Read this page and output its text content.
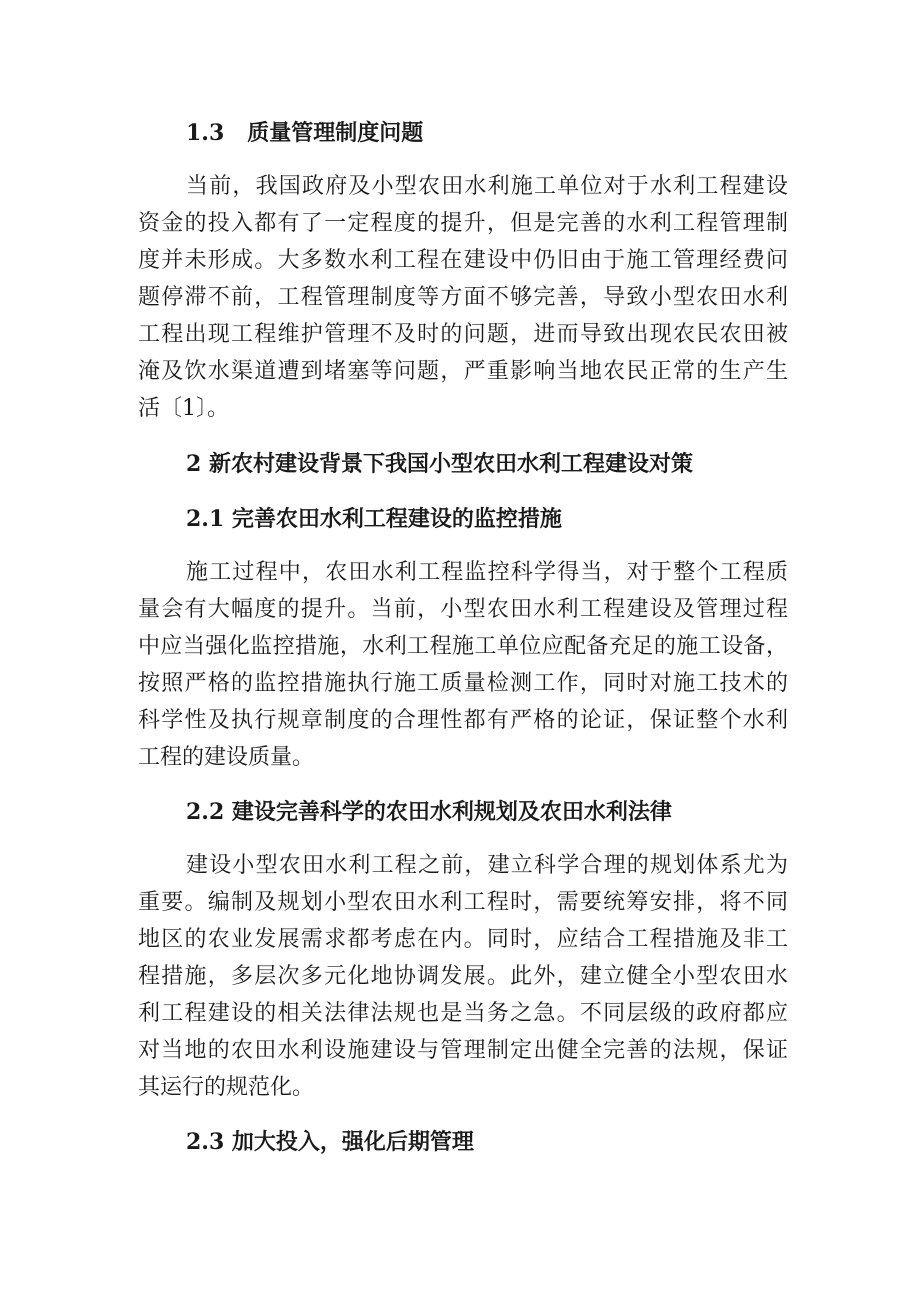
1.3   质量管理制度问题

当前，我国政府及小型农田水利施工单位对于水利工程建设

资金的投入都有了一定程度的提升，但是完善的水利工程管理制

度并未形成。大多数水利工程在建设中仍旧由于施工管理经费问

题停滞不前，工程管理制度等方面不够完善，导致小型农田水利

工程出现工程维护管理不及时的问题，进而导致出现农民农田被

淹及饮水渠道遭到堵塞等问题，严重影响当地农民正常的生产生

活〔1〕。

2 新农村建设背景下我国小型农田水利工程建设对策
2.1 完善农田水利工程建设的监控措施

施工过程中，农田水利工程监控科学得当，对于整个工程质

量会有大幅度的提升。当前，小型农田水利工程建设及管理过程

中应当强化监控措施，水利工程施工单位应配备充足的施工设备，

按照严格的监控措施执行施工质量检测工作，同时对施工技术的

科学性及执行规章制度的合理性都有严格的论证，保证整个水利

工程的建设质量。

2.2 建设完善科学的农田水利规划及农田水利法律

建设小型农田水利工程之前，建立科学合理的规划体系尤为

重要。编制及规划小型农田水利工程时，需要统筹安排，将不同

地区的农业发展需求都考虑在内。同时，应结合工程措施及非工

程措施，多层次多元化地协调发展。此外，建立健全小型农田水

利工程建设的相关法律法规也是当务之急。不同层级的政府都应

对当地的农田水利设施建设与管理制定出健全完善的法规，保证

其运行的规范化。

2.3 加大投入，强化后期管理
